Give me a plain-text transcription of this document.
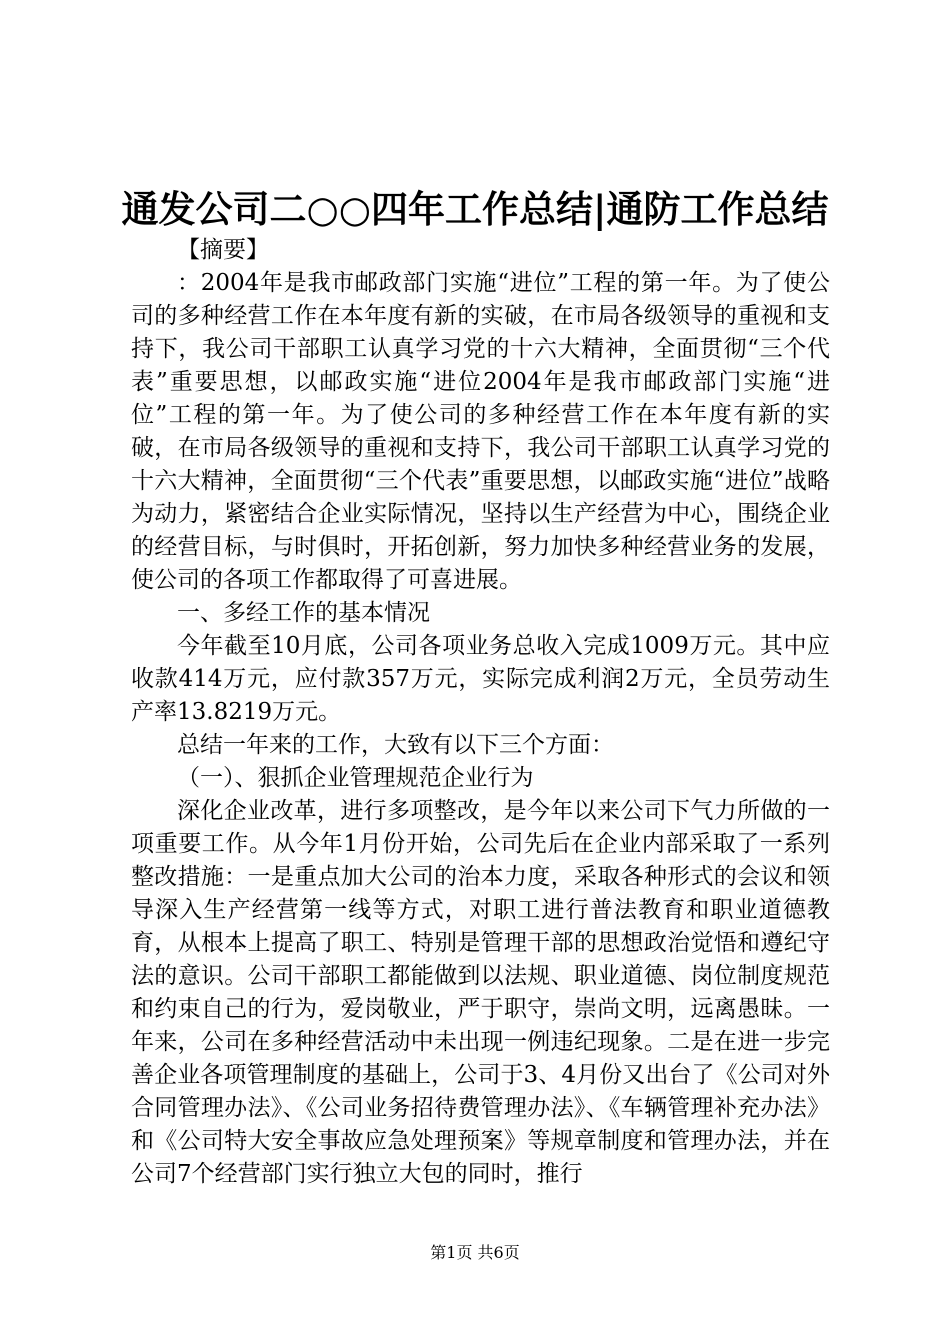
通发公司二○○四年工作总结|通防工作总结

【摘要】

：2004年是我市邮政部门实施“进位”工程的第一年。为了使公司的多种经营工作在本年度有新的实破，在市局各级领导的重视和支持下，我公司干部职工认真学习党的十六大精神，全面贯彻“三个代表”重要思想，以邮政实施“进位2004年是我市邮政部门实施“进位”工程的第一年。为了使公司的多种经营工作在本年度有新的实破，在市局各级领导的重视和支持下，我公司干部职工认真学习党的十六大精神，全面贯彻“三个代表”重要思想，以邮政实施“进位”战略为动力，紧密结合企业实际情况，坚持以生产经营为中心，围绕企业的经营目标，与时俱时，开拓创新，努力加快多种经营业务的发展，使公司的各项工作都取得了可喜进展。

一、多经工作的基本情况

今年截至10月底，公司各项业务总收入完成1009万元。其中应收款414万元，应付款357万元，实际完成利润2万元，全员劳动生产率13.8219万元。

总结一年来的工作，大致有以下三个方面：

（一）、狠抓企业管理规范企业行为

深化企业改革，进行多项整改，是今年以来公司下气力所做的一项重要工作。从今年1月份开始，公司先后在企业内部采取了一系列整改措施：一是重点加大公司的治本力度，采取各种形式的会议和领导深入生产经营第一线等方式，对职工进行普法教育和职业道德教育，从根本上提高了职工、特别是管理干部的思想政治觉悟和遵纪守法的意识。公司干部职工都能做到以法规、职业道德、岗位制度规范和约束自己的行为，爱岗敬业，严于职守，崇尚文明，远离愚昧。一年来，公司在多种经营活动中未出现一例违纪现象。二是在进一步完善企业各项管理制度的基础上，公司于3、4月份又出台了《公司对外合同管理办法》、《公司业务招待费管理办法》、《车辆管理补充办法》和《公司特大安全事故应急处理预案》等规章制度和管理办法，并在公司7个经营部门实行独立大包的同时，推行

第1页 共6页
